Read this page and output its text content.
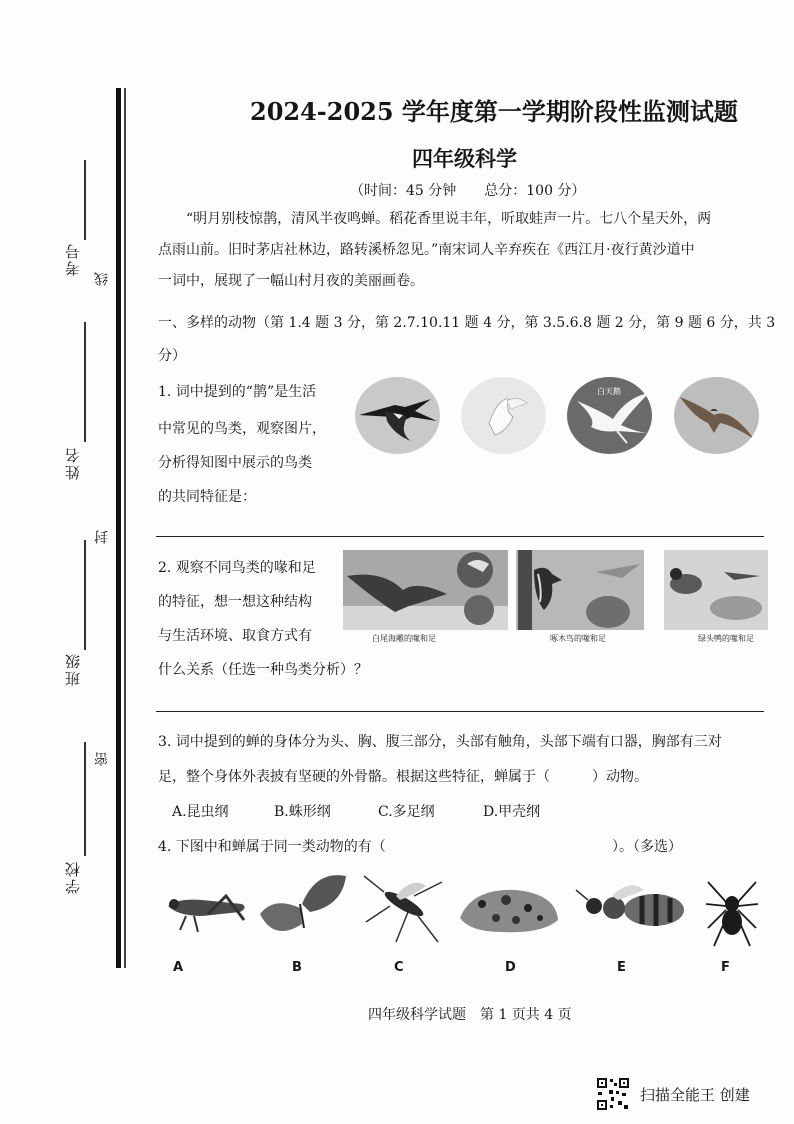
考号
线
姓名
封
班级
密
学校
2024-2025 学年度第一学期阶段性监测试题
四年级科学
（时间：45 分钟　　总分：100 分）
“明月别枝惊鹊，清风半夜鸣蝉。稻花香里说丰年，听取蛙声一片。七八个星天外，两
点雨山前。旧时茅店社林边，路转溪桥忽见。”南宋词人辛弃疾在《西江月·夜行黄沙道中
一词中，展现了一幅山村月夜的美丽画卷。
一、多样的动物（第 1.4 题 3 分，第 2.7.10.11 题 4 分，第 3.5.6.8 题 2 分，第 9 题 6 分，共 3
分）
1. 词中提到的“鹊”是生活
中常见的鸟类，观察图片，
分析得知图中展示的鸟类
的共同特征是：
白天鹅
2. 观察不同鸟类的喙和足
的特征，想一想这种结构
与生活环境、取食方式有
什么关系（任选一种鸟类分析）？
白尾海雕的喙和足	啄木鸟的喙和足	绿头鸭的喙和足
3. 词中提到的蝉的身体分为头、胸、腹三部分，头部有触角，头部下端有口器，胸部有三对
足，整个身体外表披有坚硬的外骨骼。根据这些特征，蝉属于（　　　）动物。
A.昆虫纲	B.蛛形纲	C.多足纲	D.甲壳纲
4. 下图中和蝉属于同一类动物的有（	）。（多选）
A	B	C	D	E	F
四年级科学试题　第 1 页共 4 页
扫描全能王 创建
